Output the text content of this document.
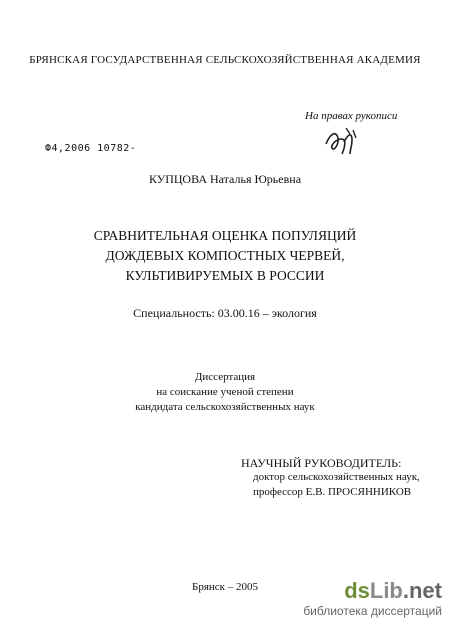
БРЯНСКАЯ ГОСУДАРСТВЕННАЯ СЕЛЬСКОХОЗЯЙСТВЕННАЯ АКАДЕМИЯ
На правах рукописи
Ф4,2006 10782-
КУПЦОВА Наталья Юрьевна
СРАВНИТЕЛЬНАЯ ОЦЕНКА ПОПУЛЯЦИЙ
ДОЖДЕВЫХ КОМПОСТНЫХ ЧЕРВЕЙ,
КУЛЬТИВИРУЕМЫХ В РОССИИ
Специальность: 03.00.16 – экология
Диссертация
на соискание ученой степени
кандидата сельскохозяйственных наук
НАУЧНЫЙ РУКОВОДИТЕЛЬ:
доктор сельскохозяйственных наук,
профессор Е.В. ПРОСЯННИКОВ
Брянск – 2005	dsLib.net
библиотека диссертаций
